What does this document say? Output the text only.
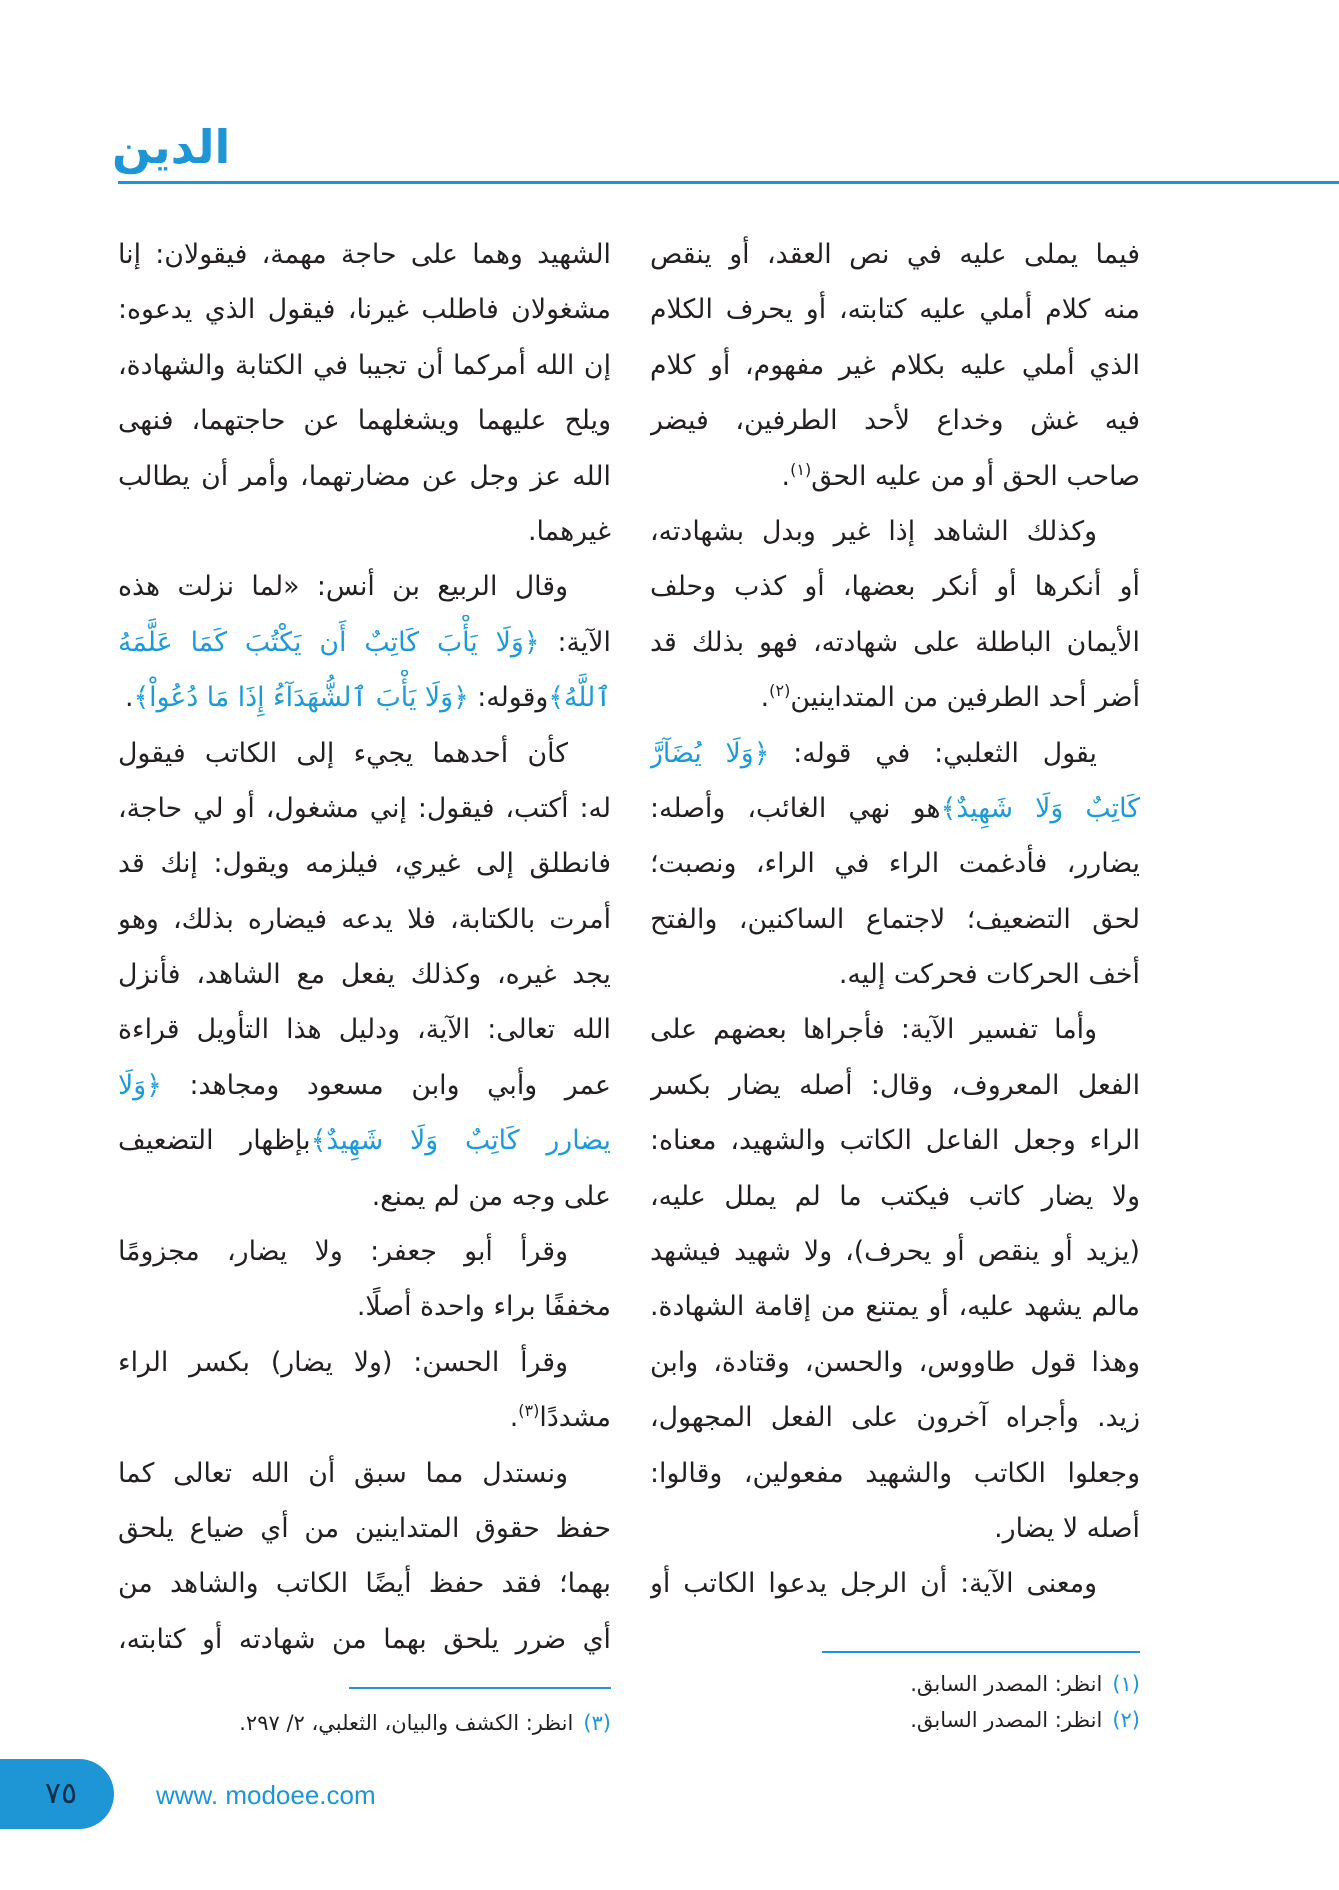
الدين
فيما يملى عليه في نص العقد، أو ينقص
منه كلام أملي عليه كتابته، أو يحرف الكلام
الذي أملي عليه بكلام غير مفهوم، أو كلام
فيه غش وخداع لأحد الطرفين، فيضر
صاحب الحق أو من عليه الحق$^{(١)}$.
وكذلك الشاهد إذا غير وبدل بشهادته،
أو أنكرها أو أنكر بعضها، أو كذب وحلف
الأيمان الباطلة على شهادته، فهو بذلك قد
أضر أحد الطرفين من المتداينين$^{(٢)}$.
يقول الثعلبي: في قوله: ﴿وَلَا يُضَآرَّ
كَاتِبٌ وَلَا شَهِيدٌ﴾هو نهي الغائب، وأصله:
يضارر، فأدغمت الراء في الراء، ونصبت؛
لحق التضعيف؛ لاجتماع الساكنين، والفتح
أخف الحركات فحركت إليه.
وأما تفسير الآية: فأجراها بعضهم على
الفعل المعروف، وقال: أصله يضار بكسر
الراء وجعل الفاعل الكاتب والشهيد، معناه:
ولا يضار كاتب فيكتب ما لم يملل عليه،
(يزيد أو ينقص أو يحرف)، ولا شهيد فيشهد
مالم يشهد عليه، أو يمتنع من إقامة الشهادة.
وهذا قول طاووس، والحسن، وقتادة، وابن
زيد. وأجراه آخرون على الفعل المجهول،
وجعلوا الكاتب والشهيد مفعولين، وقالوا:
أصله لا يضار.
ومعنى الآية: أن الرجل يدعوا الكاتب أو
(١)انظر: المصدر السابق.
(٢)انظر: المصدر السابق.
الشهيد وهما على حاجة مهمة، فيقولان: إنا
مشغولان فاطلب غيرنا، فيقول الذي يدعوه:
إن الله أمركما أن تجيبا في الكتابة والشهادة،
ويلح عليهما ويشغلهما عن حاجتهما، فنهى
الله عز وجل عن مضارتهما، وأمر أن يطالب
غيرهما.
وقال الربيع بن أنس: «لما نزلت هذه
الآية: ﴿وَلَا يَأْبَ كَاتِبٌ أَن يَكْتُبَ كَمَا عَلَّمَهُ
ٱللَّهُ﴾وقوله: ﴿وَلَا يَأْبَ ٱلشُّهَدَآءُ إِذَا مَا دُعُواْ﴾.
كأن أحدهما يجيء إلى الكاتب فيقول
له: أكتب، فيقول: إني مشغول، أو لي حاجة،
فانطلق إلى غيري، فيلزمه ويقول: إنك قد
أمرت بالكتابة، فلا يدعه فيضاره بذلك، وهو
يجد غيره، وكذلك يفعل مع الشاهد، فأنزل
الله تعالى: الآية، ودليل هذا التأويل قراءة
عمر وأبي وابن مسعود ومجاهد: ﴿وَلَا
يضارر كَاتِبٌ وَلَا شَهِيدٌ﴾بإظهار التضعيف
على وجه من لم يمنع.
وقرأ أبو جعفر: ولا يضار، مجزومًا
مخففًا براء واحدة أصلًا.
وقرأ الحسن: (ولا يضار) بكسر الراء
مشددًا$^{(٣)}$.
ونستدل مما سبق أن الله تعالى كما
حفظ حقوق المتداينين من أي ضياع يلحق
بهما؛ فقد حفظ أيضًا الكاتب والشاهد من
أي ضرر يلحق بهما من شهادته أو كتابته،
(٣)انظر: الكشف والبيان، الثعلبي، ٢/ ٢٩٧.
٧٥	www. modoee.com
